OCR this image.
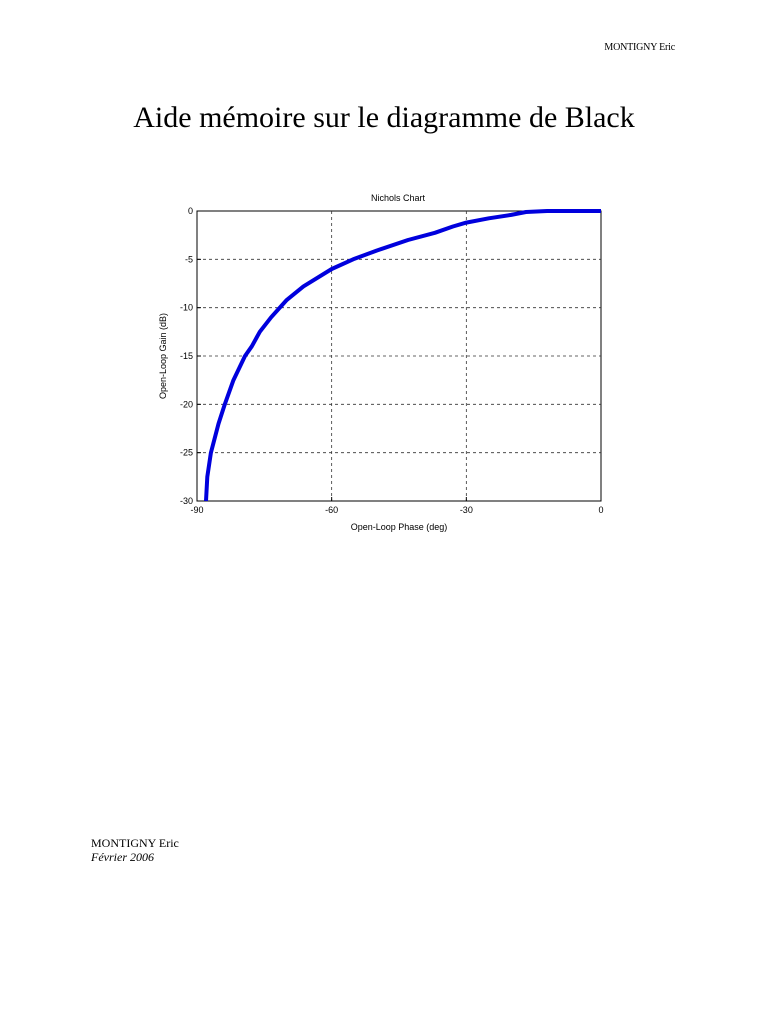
MONTIGNY Eric
Aide mémoire sur le diagramme de Black
Nichols Chart
-90	-60	-30	0
0
-5
-10
-15
-20
-25
-30
Open-Loop Phase (deg)
Open-Loop Gain (dB)
MONTIGNY Eric
Février 2006
